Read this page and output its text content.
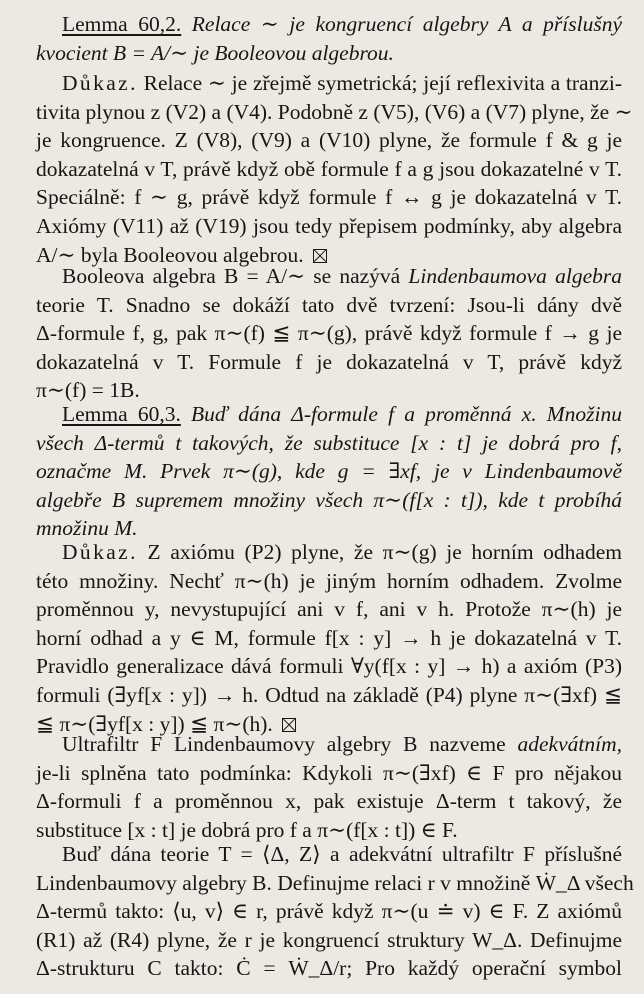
Lemma 60,2. Relace ∼ je kongruencí algebry A a příslušný
kvocient B = A/∼ je Booleovou algebrou.
Důkaz. Relace ∼ je zřejmě symetrická; její reflexivita a tranzi-
tivita plynou z (V2) a (V4). Podobně z (V5), (V6) a (V7) plyne, že ∼
je kongruence. Z (V8), (V9) a (V10) plyne, že formule f & g je
dokazatelná v T, právě když obě formule f a g jsou dokazatelné v T.
Speciálně: f ∼ g, právě když formule f ↔ g je dokazatelná v T.
Axiómy (V11) až (V19) jsou tedy přepisem podmínky, aby algebra
A/∼ byla Booleovou algebrou.
Booleova algebra B = A/∼ se nazývá Lindenbaumova algebra
teorie T. Snadno se dokáží tato dvě tvrzení: Jsou-li dány dvě
Δ-formule f, g, pak π∼(f) ≦ π∼(g), právě když formule f → g je
dokazatelná v T. Formule f je dokazatelná v T, právě když
π∼(f) = 1B.
Lemma 60,3. Buď dána Δ-formule f a proměnná x. Množinu
všech Δ-termů t takových, že substituce [x : t] je dobrá pro f,
označme M. Prvek π∼(g), kde g = ∃xf, je v Lindenbaumově
algebře B supremem množiny všech π∼(f[x : t]), kde t probíhá
množinu M.
Důkaz. Z axiómu (P2) plyne, že π∼(g) je horním odhadem
této množiny. Nechť π∼(h) je jiným horním odhadem. Zvolme
proměnnou y, nevystupující ani v f, ani v h. Protože π∼(h) je
horní odhad a y ∈ M, formule f[x : y] → h je dokazatelná v T.
Pravidlo generalizace dává formuli ∀y(f[x : y] → h) a axióm (P3)
formuli (∃yf[x : y]) → h. Odtud na základě (P4) plyne π∼(∃xf) ≦
≦ π∼(∃yf[x : y]) ≦ π∼(h).
Ultrafiltr F Lindenbaumovy algebry B nazveme adekvátním,
je-li splněna tato podmínka: Kdykoli π∼(∃xf) ∈ F pro nějakou
Δ-formuli f a proměnnou x, pak existuje Δ-term t takový, že
substituce [x : t] je dobrá pro f a π∼(f[x : t]) ∈ F.
Buď dána teorie T = ⟨Δ, Z⟩ a adekvátní ultrafiltr F příslušné
Lindenbaumovy algebry B. Definujme relaci r v množině Ẇ_Δ všech
Δ-termů takto: ⟨u, v⟩ ∈ r, právě když π∼(u ≐ v) ∈ F. Z axiómů
(R1) až (R4) plyne, že r je kongruencí struktury W_Δ. Definujme
Δ-strukturu C takto: Ċ = Ẇ_Δ/r; Pro každý operační symbol
